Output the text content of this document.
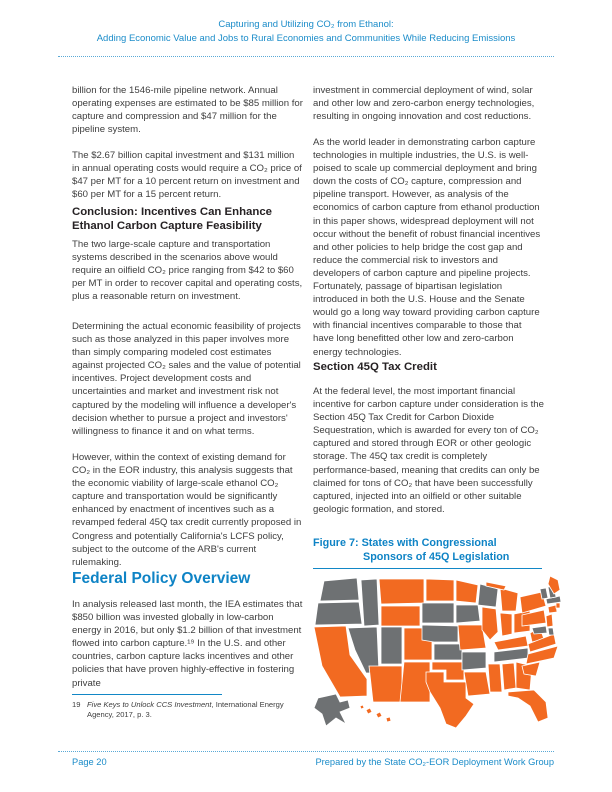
Capturing and Utilizing CO₂ from Ethanol:
Adding Economic Value and Jobs to Rural Economies and Communities While Reducing Emissions
billion for the 1546-mile pipeline network. Annual operating expenses are estimated to be $85 million for capture and compression and $47 million for the pipeline system.
The $2.67 billion capital investment and $131 million in annual operating costs would require a CO₂ price of $47 per MT for a 10 percent return on investment and $60 per MT for a 15 percent return.
Conclusion: Incentives Can Enhance Ethanol Carbon Capture Feasibility
The two large-scale capture and transportation systems described in the scenarios above would require an oilfield CO₂ price ranging from $42 to $60 per MT in order to recover capital and operating costs, plus a reasonable return on investment.
Determining the actual economic feasibility of projects such as those analyzed in this paper involves more than simply comparing modeled cost estimates against projected CO₂ sales and the value of potential incentives. Project development costs and uncertainties and market and investment risk not captured by the modeling will influence a developer's decision whether to pursue a project and investors' willingness to finance it and on what terms.
However, within the context of existing demand for CO₂ in the EOR industry, this analysis suggests that the economic viability of large-scale ethanol CO₂ capture and transportation would be significantly enhanced by enactment of incentives such as a revamped federal 45Q tax credit currently proposed in Congress and potentially California's LCFS policy, subject to the outcome of the ARB's current rulemaking.
Federal Policy Overview
In analysis released last month, the IEA estimates that $850 billion was invested globally in low-carbon energy in 2016, but only $1.2 billion of that investment flowed into carbon capture.¹⁹ In the U.S. and other countries, carbon capture lacks incentives and other policies that have proven highly-effective in fostering private
19 Five Keys to Unlock CCS Investment, International Energy Agency, 2017, p. 3.
investment in commercial deployment of wind, solar and other low and zero-carbon energy technologies, resulting in ongoing innovation and cost reductions.
As the world leader in demonstrating carbon capture technologies in multiple industries, the U.S. is well-poised to scale up commercial deployment and bring down the costs of CO₂ capture, compression and pipeline transport. However, as analysis of the economics of carbon capture from ethanol production in this paper shows, widespread deployment will not occur without the benefit of robust financial incentives and other policies to help bridge the cost gap and reduce the commercial risk to investors and developers of carbon capture and pipeline projects. Fortunately, passage of bipartisan legislation introduced in both the U.S. House and the Senate would go a long way toward providing carbon capture with financial incentives comparable to those that have long benefitted other low and zero-carbon energy technologies.
Section 45Q Tax Credit
At the federal level, the most important financial incentive for carbon capture under consideration is the Section 45Q Tax Credit for Carbon Dioxide Sequestration, which is awarded for every ton of CO₂ captured and stored through EOR or other geologic storage. The 45Q tax credit is completely performance-based, meaning that credits can only be claimed for tons of CO₂ that have been successfully captured, injected into an oilfield or other suitable geologic formation, and stored.
Figure 7: States with Congressional
Sponsors of 45Q Legislation
Page 20	Prepared by the State CO₂-EOR Deployment Work Group
